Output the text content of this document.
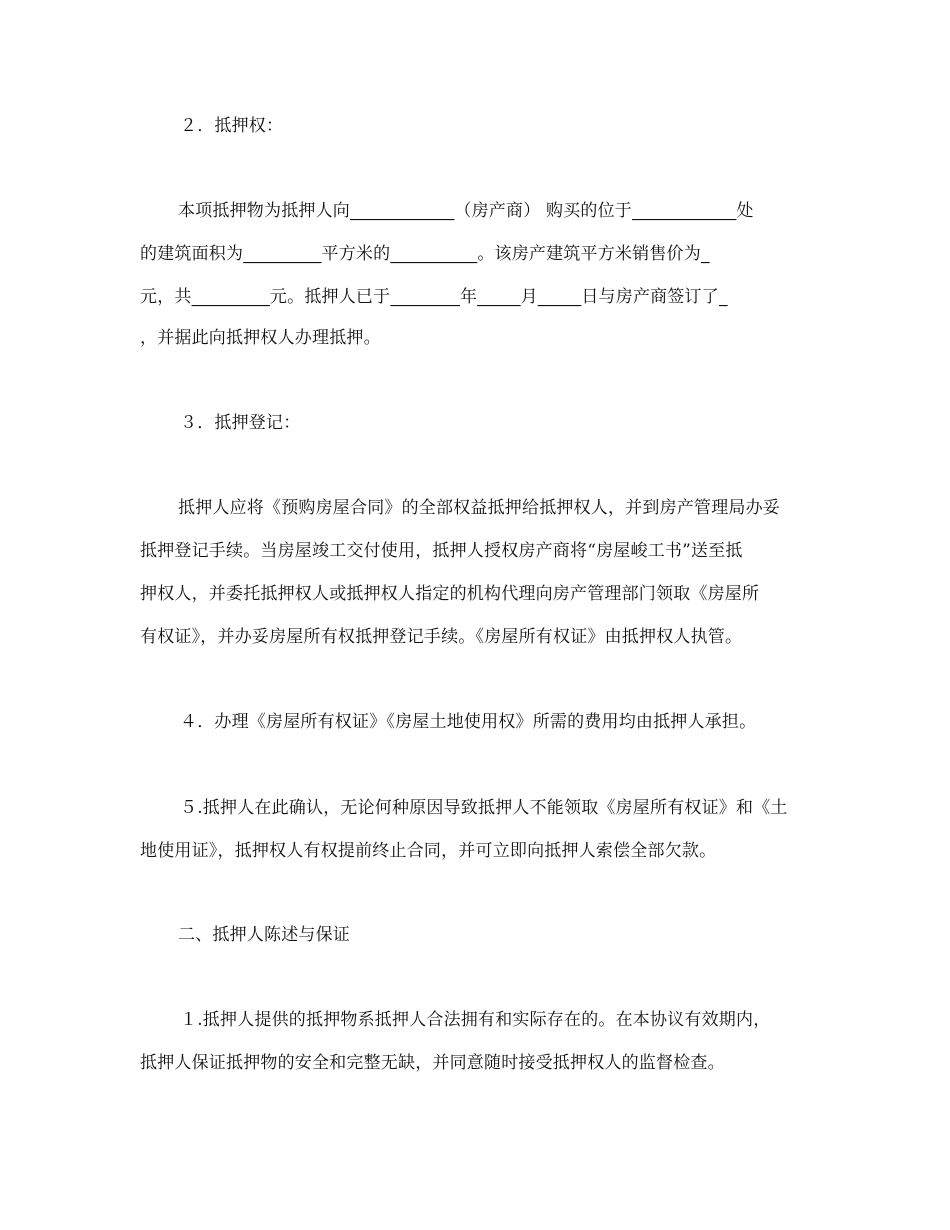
２．抵押权：
本项抵押物为抵押人向____________（房产商） 购买的位于____________处
的建筑面积为_________平方米的__________。该房产建筑平方米销售价为_
元，共_________元。抵押人已于________年_____月_____日与房产商签订了_
，并据此向抵押权人办理抵押。
３．抵押登记：
抵押人应将《预购房屋合同》的全部权益抵押给抵押权人，并到房产管理局办妥
抵押登记手续。当房屋竣工交付使用，抵押人授权房产商将“房屋峻工书”送至抵
押权人，并委托抵押权人或抵押权人指定的机构代理向房产管理部门领取《房屋所
有权证》，并办妥房屋所有权抵押登记手续。《房屋所有权证》由抵押权人执管。
４．办理《房屋所有权证》《房屋土地使用权》所需的费用均由抵押人承担。
５.抵押人在此确认，无论何种原因导致抵押人不能领取《房屋所有权证》和《土
地使用证》，抵押权人有权提前终止合同，并可立即向抵押人索偿全部欠款。
二、抵押人陈述与保证
１.抵押人提供的抵押物系抵押人合法拥有和实际存在的。在本协议有效期内，
抵押人保证抵押物的安全和完整无缺，并同意随时接受抵押权人的监督检查。
